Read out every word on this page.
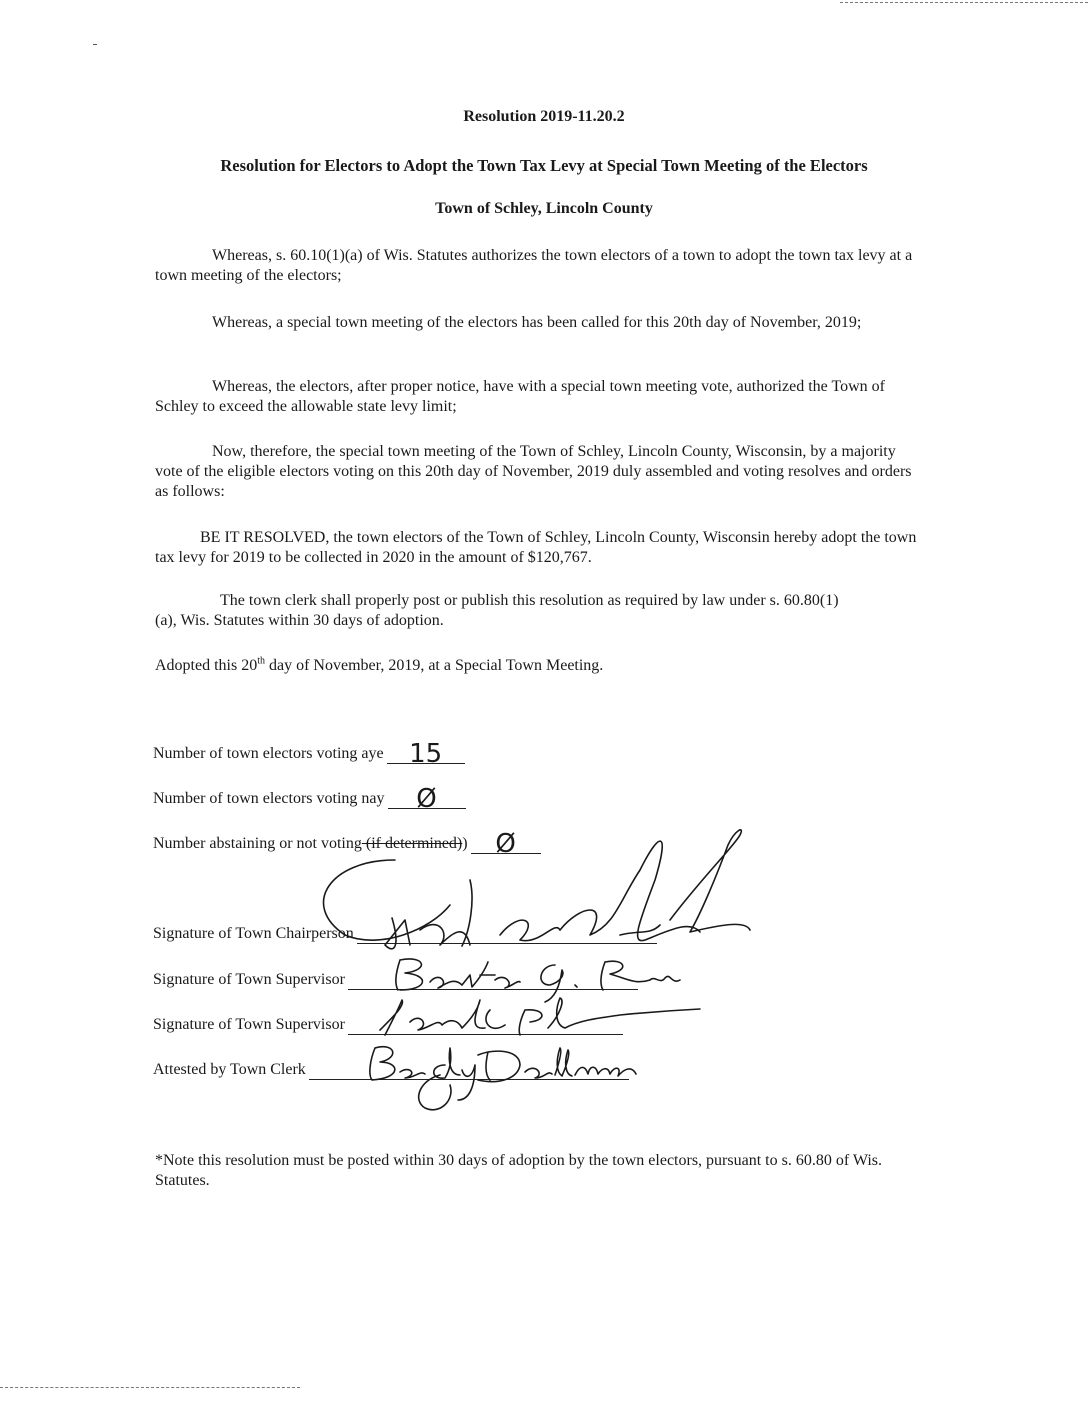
Resolution 2019-11.20.2
Resolution for Electors to Adopt the Town Tax Levy at Special Town Meeting of the Electors
Town of Schley, Lincoln County
Whereas, s. 60.10(1)(a) of Wis. Statutes authorizes the town electors of a town to adopt the town tax levy at a town meeting of the electors;
Whereas, a special town meeting of the electors has been called for this 20th day of November, 2019;
Whereas, the electors, after proper notice, have with a special town meeting vote, authorized the Town of Schley to exceed the allowable state levy limit;
Now, therefore, the special town meeting of the Town of Schley, Lincoln County, Wisconsin, by a majority vote of the eligible electors voting on this 20th day of November, 2019 duly assembled and voting resolves and orders as follows:
BE IT RESOLVED, the town electors of the Town of Schley, Lincoln County, Wisconsin hereby adopt the town tax levy for 2019 to be collected in 2020 in the amount of $120,767.
The town clerk shall properly post or publish this resolution as required by law under s. 60.80(1)(a), Wis. Statutes within 30 days of adoption.
Adopted this 20th day of November, 2019, at a Special Town Meeting.
Number of town electors voting aye 15
Number of town electors voting nay	Ø
Number abstaining or not voting (if determined))	Ø
Signature of Town Chairperson
Signature of Town Supervisor
Signature of Town Supervisor
Attested by Town Clerk
*Note this resolution must be posted within 30 days of adoption by the town electors, pursuant to s. 60.80 of Wis. Statutes.
